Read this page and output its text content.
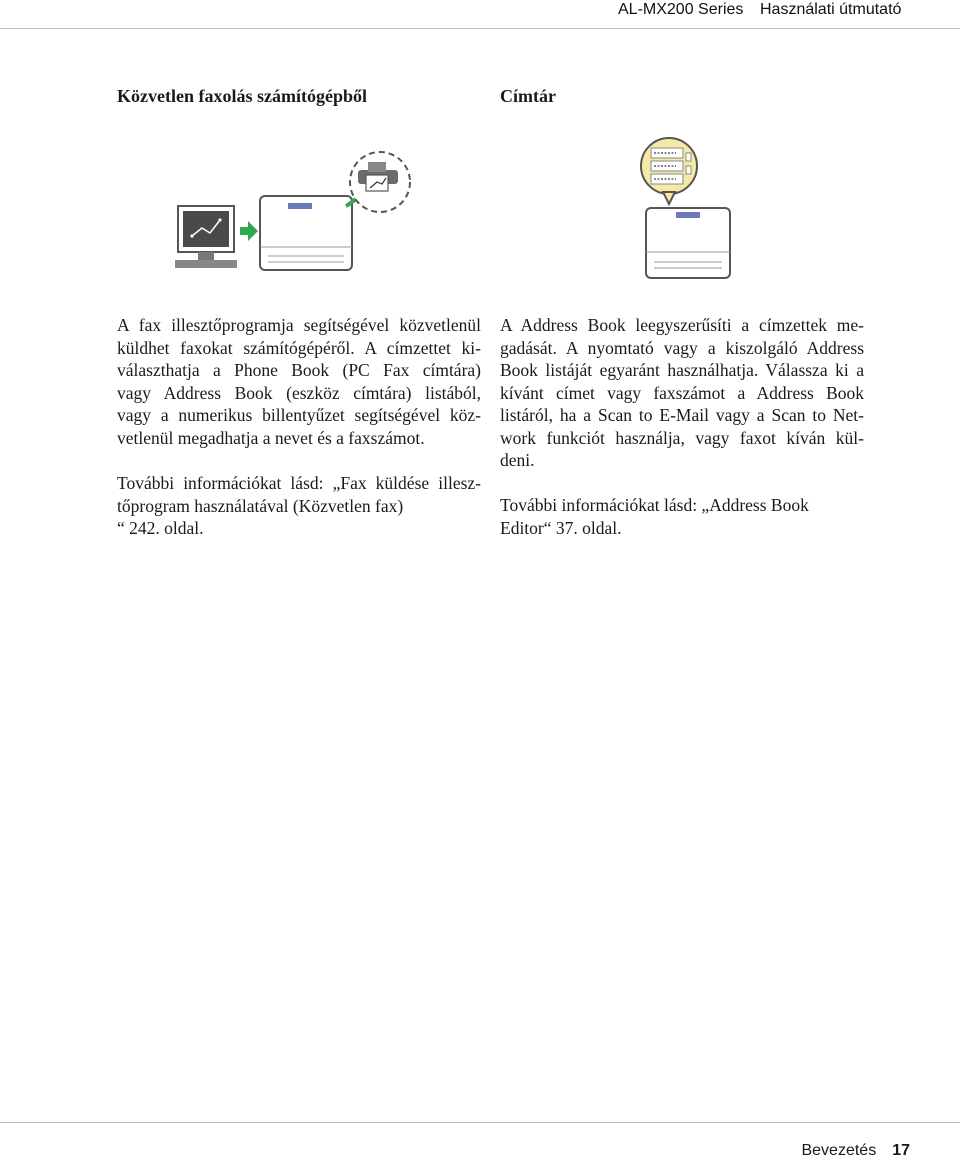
AL-MX200 Series Használati útmutató
Közvetlen faxolás számítógépből

A fax illesztőprogramja segítségével közvetlenül
küldhet faxokat számítógépéről. A címzettet ki-
választhatja a Phone Book (PC Fax címtára)
vagy Address Book (eszköz címtára) listából,
vagy a numerikus billentyűzet segítségével köz-
vetlenül megadhatja a nevet és a faxszámot.

További információkat lásd: „Fax küldése illesz-
tőprogram használatával (Közvetlen fax)
“ 242. oldal.

Címtár

A Address Book leegyszerűsíti a címzettek me-
gadását. A nyomtató vagy a kiszolgáló Address
Book listáját egyaránt használhatja. Válassza ki a
kívánt címet vagy faxszámot a Address Book
listáról, ha a Scan to E-Mail vagy a Scan to Net-
work funkciót használja, vagy faxot kíván kül-
deni.

További információkat lásd: „Address Book
Editor“ 37. oldal.

Bevezetés 17
